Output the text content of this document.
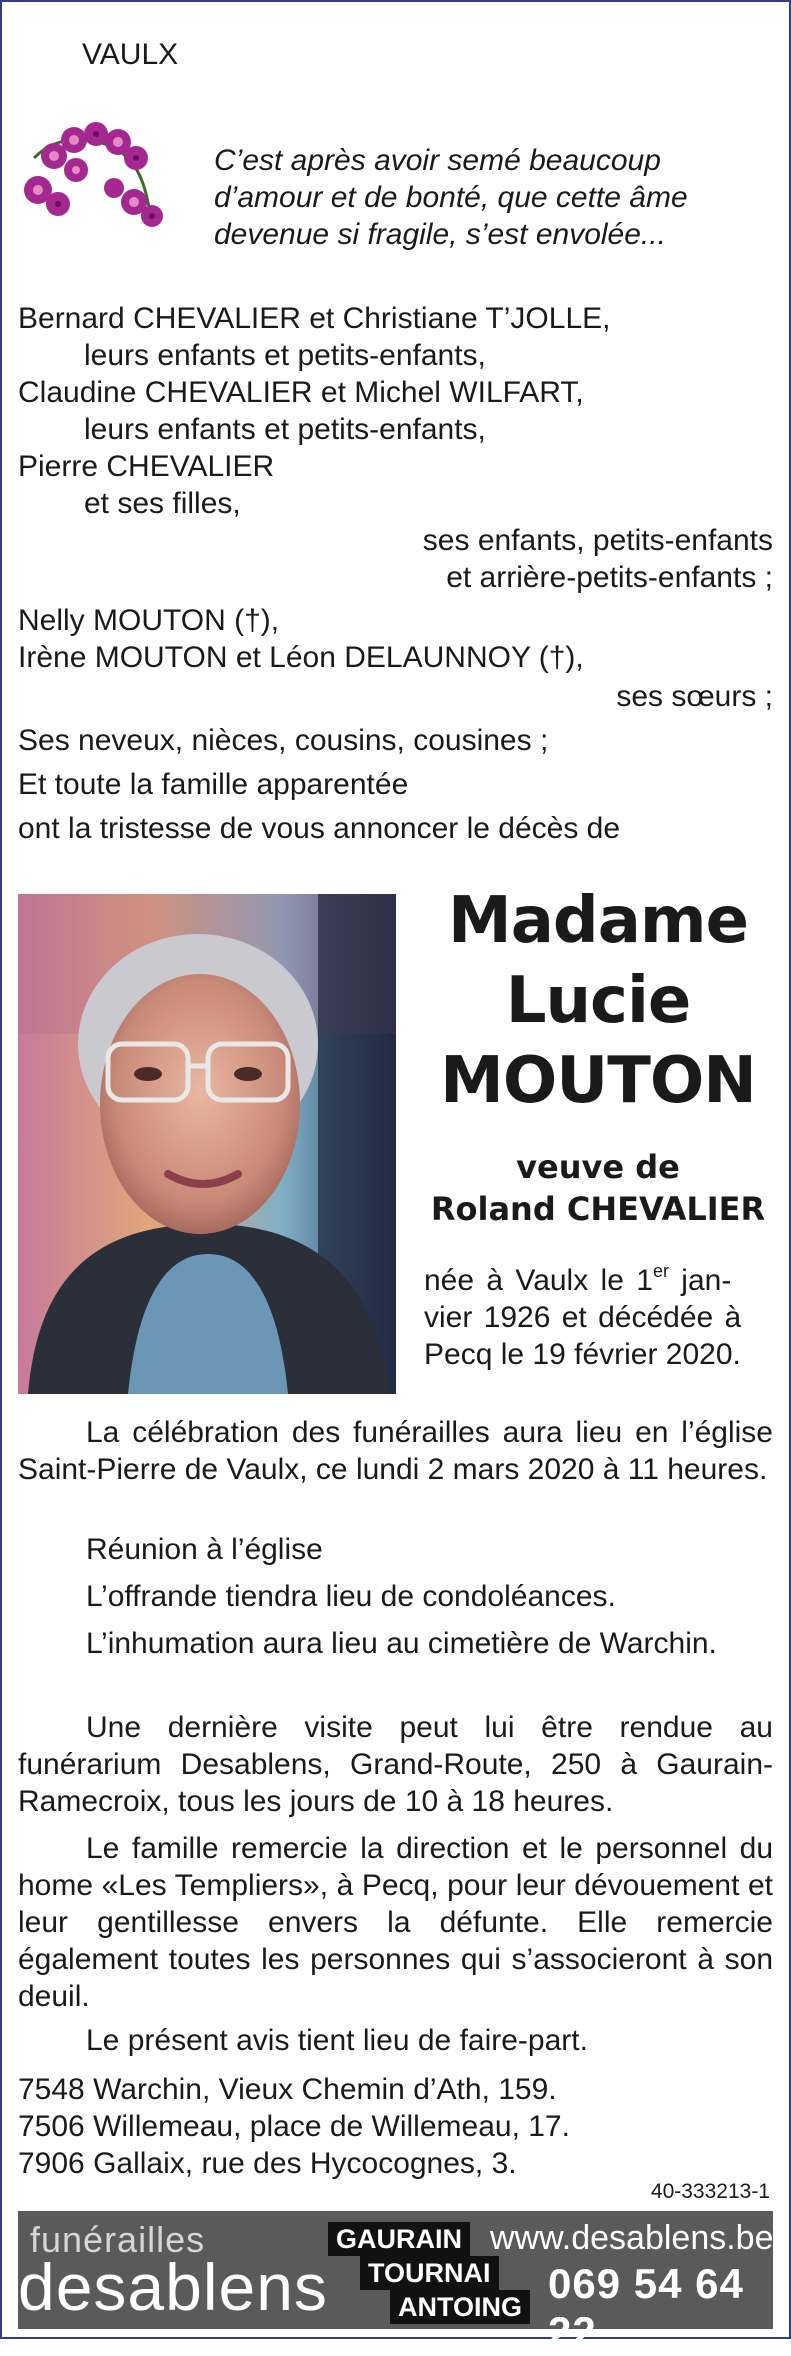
VAULX
C’est après avoir semé beaucoup
d’amour et de bonté, que cette âme
devenue si fragile, s’est envolée...
Bernard CHEVALIER et Christiane T’JOLLE,
leurs enfants et petits-enfants,
Claudine CHEVALIER et Michel WILFART,
leurs enfants et petits-enfants,
Pierre CHEVALIER
et ses filles,
ses enfants, petits-enfants
et arrière-petits-enfants ;
Nelly MOUTON (†),
Irène MOUTON et Léon DELAUNNOY (†),
ses sœurs ;
Ses neveux, nièces, cousins, cousines ;
Et toute la famille apparentée
ont la tristesse de vous annoncer le décès de
Madame
Lucie
MOUTON
veuve de
Roland CHEVALIER
née à Vaulx le 1er jan-
vier 1926 et décédée à
Pecq le 19 février 2020.
La célébration des funérailles aura lieu en l’église Saint-Pierre de Vaulx, ce lundi 2 mars 2020 à 11 heures.
Réunion à l’église
L’offrande tiendra lieu de condoléances.
L’inhumation aura lieu au cimetière de Warchin.
Une dernière visite peut lui être rendue au funérarium Desablens, Grand-Route, 250 à Gaurain-Ramecroix, tous les jours de 10 à 18 heures.
Le famille remercie la direction et le personnel du home «Les Templiers», à Pecq, pour leur dévouement et leur gentillesse envers la défunte. Elle remercie également toutes les personnes qui s’associeront à son deuil.
Le présent avis tient lieu de faire-part.
7548 Warchin, Vieux Chemin d’Ath, 159.
7506 Willemeau, place de Willemeau, 17.
7906 Gallaix, rue des Hycocognes, 3.
40-333213-1
funérailles
desablens
GAURAIN
TOURNAI
ANTOING
www.desablens.be
069 54 64 22
